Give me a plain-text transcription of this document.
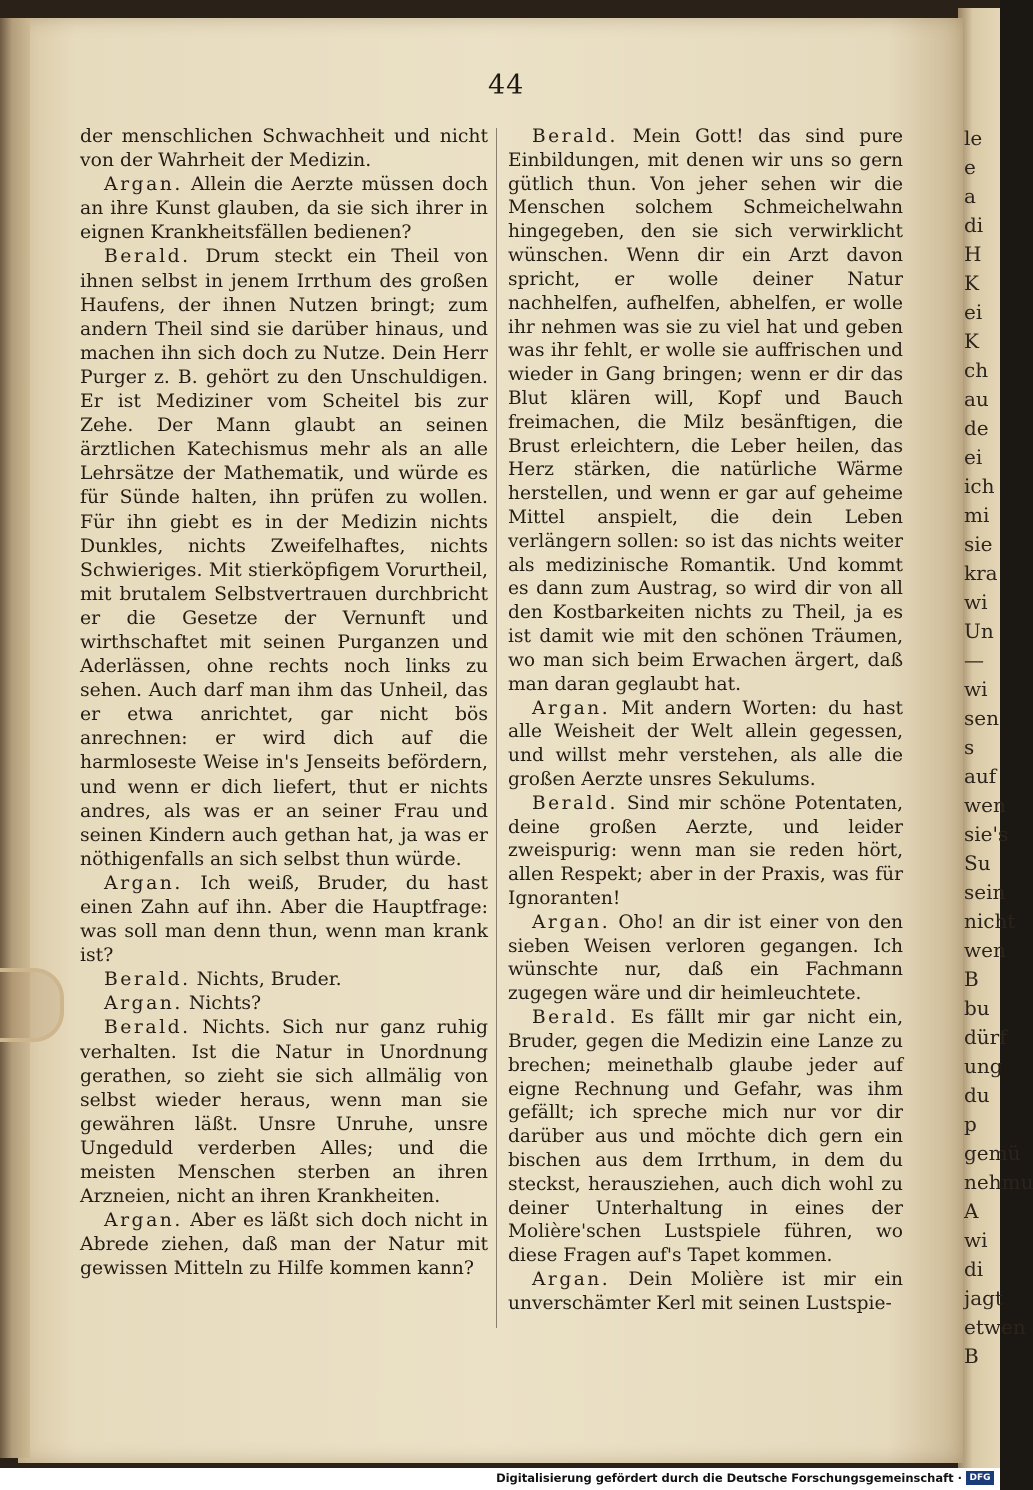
le
e
a
di
H
K
ei
K
ch
au
de
ei
ich
mi
sie
kra
wi
Un
—
wi
sen
s
auf
wen
sie's
Su
sein
nicht
wen
B
bu
dürf
ung
du
p
gemü
nehmu
A
wi
di
jagt
etwen
B
44

der menschlichen Schwachheit und nicht von der Wahrheit der Medizin.

Argan. Allein die Aerzte müssen doch an ihre Kunst glauben, da sie sich ihrer in eignen Krankheitsfällen bedienen?

Berald. Drum steckt ein Theil von ihnen selbst in jenem Irrthum des großen Haufens, der ihnen Nutzen bringt; zum andern Theil sind sie darüber hinaus, und machen ihn sich doch zu Nutze. Dein Herr Purger z. B. gehört zu den Unschuldigen. Er ist Mediziner vom Scheitel bis zur Zehe. Der Mann glaubt an seinen ärztlichen Katechismus mehr als an alle Lehrsätze der Mathematik, und würde es für Sünde halten, ihn prüfen zu wollen. Für ihn giebt es in der Medizin nichts Dunkles, nichts Zweifelhaftes, nichts Schwieriges. Mit stierköpfigem Vorurtheil, mit brutalem Selbstvertrauen durchbricht er die Gesetze der Vernunft und wirthschaftet mit seinen Purganzen und Aderlässen, ohne rechts noch links zu sehen. Auch darf man ihm das Unheil, das er etwa anrichtet, gar nicht bös anrechnen: er wird dich auf die harmloseste Weise in's Jenseits befördern, und wenn er dich liefert, thut er nichts andres, als was er an seiner Frau und seinen Kindern auch gethan hat, ja was er nöthigenfalls an sich selbst thun würde.

Argan. Ich weiß, Bruder, du hast einen Zahn auf ihn. Aber die Hauptfrage: was soll man denn thun, wenn man krank ist?

Berald. Nichts, Bruder.

Argan. Nichts?

Berald. Nichts. Sich nur ganz ruhig verhalten. Ist die Natur in Unordnung gerathen, so zieht sie sich allmälig von selbst wieder heraus, wenn man sie gewähren läßt. Unsre Unruhe, unsre Ungeduld verderben Alles; und die meisten Menschen sterben an ihren Arzneien, nicht an ihren Krankheiten.

Argan. Aber es läßt sich doch nicht in Abrede ziehen, daß man der Natur mit gewissen Mitteln zu Hilfe kommen kann?

Berald. Mein Gott! das sind pure Einbildungen, mit denen wir uns so gern gütlich thun. Von jeher sehen wir die Menschen solchem Schmeichelwahn hingegeben, den sie sich verwirklicht wünschen. Wenn dir ein Arzt davon spricht, er wolle deiner Natur nachhelfen, aufhelfen, abhelfen, er wolle ihr nehmen was sie zu viel hat und geben was ihr fehlt, er wolle sie auffrischen und wieder in Gang bringen; wenn er dir das Blut klären will, Kopf und Bauch freimachen, die Milz besänftigen, die Brust erleichtern, die Leber heilen, das Herz stärken, die natürliche Wärme herstellen, und wenn er gar auf geheime Mittel anspielt, die dein Leben verlängern sollen: so ist das nichts weiter als medizinische Romantik. Und kommt es dann zum Austrag, so wird dir von all den Kostbarkeiten nichts zu Theil, ja es ist damit wie mit den schönen Träumen, wo man sich beim Erwachen ärgert, daß man daran geglaubt hat.

Argan. Mit andern Worten: du hast alle Weisheit der Welt allein gegessen, und willst mehr verstehen, als alle die großen Aerzte unsres Sekulums.

Berald. Sind mir schöne Potentaten, deine großen Aerzte, und leider zweispurig: wenn man sie reden hört, allen Respekt; aber in der Praxis, was für Ignoranten!

Argan. Oho! an dir ist einer von den sieben Weisen verloren gegangen. Ich wünschte nur, daß ein Fachmann zugegen wäre und dir heimleuchtete.

Berald. Es fällt mir gar nicht ein, Bruder, gegen die Medizin eine Lanze zu brechen; meinethalb glaube jeder auf eigne Rechnung und Gefahr, was ihm gefällt; ich spreche mich nur vor dir darüber aus und möchte dich gern ein bischen aus dem Irrthum, in dem du steckst, herausziehen, auch dich wohl zu deiner Unterhaltung in eines der Molière'schen Lustspiele führen, wo diese Fragen auf's Tapet kommen.

Argan. Dein Molière ist mir ein unverschämter Kerl mit seinen Lustspie-

Digitalisierung gefördert durch die Deutsche Forschungsgemeinschaft · DFG
